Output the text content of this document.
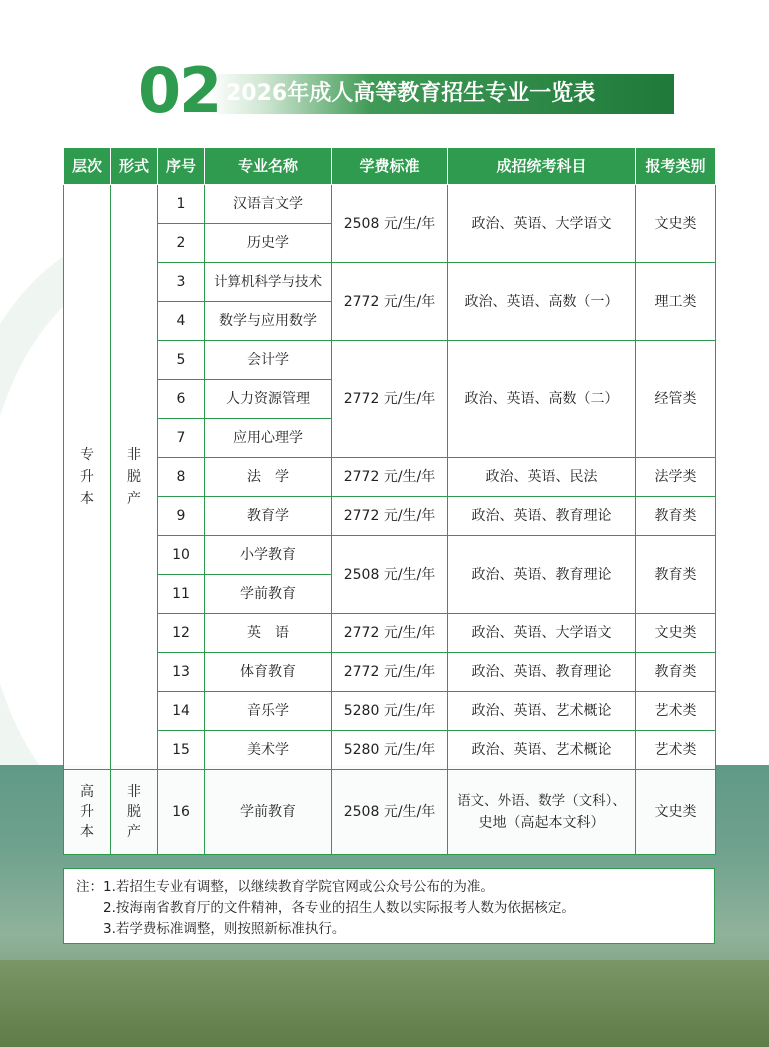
02 2026年成人高等教育招生专业一览表
层次	形式	序号	专业名称	学费标准	成招统考科目	报考类别
专升本	非脱产	1	汉语言文学	2508 元/生/年	政治、英语、大学语文	文史类
		2	历史学			
		3	计算机科学与技术	2772 元/生/年	政治、英语、高数（一）	理工类
		4	数学与应用数学			
		5	会计学	2772 元/生/年	政治、英语、高数（二）	经管类
		6	人力资源管理			
		7	应用心理学			
		8	法　学	2772 元/生/年	政治、英语、民法	法学类
		9	教育学	2772 元/生/年	政治、英语、教育理论	教育类
		10	小学教育	2508 元/生/年	政治、英语、教育理论	教育类
		11	学前教育			
		12	英　语	2772 元/生/年	政治、英语、大学语文	文史类
		13	体育教育	2772 元/生/年	政治、英语、教育理论	教育类
		14	音乐学	5280 元/生/年	政治、英语、艺术概论	艺术类
		15	美术学	5280 元/生/年	政治、英语、艺术概论	艺术类
高升本	非脱产	16	学前教育	2508 元/生/年	语文、外语、数学（文科）、
史地（高起本文科）	文史类
注：1.若招生专业有调整，以继续教育学院官网或公众号公布的为准。
2.按海南省教育厅的文件精神，各专业的招生人数以实际报考人数为依据核定。
3.若学费标准调整，则按照新标准执行。
